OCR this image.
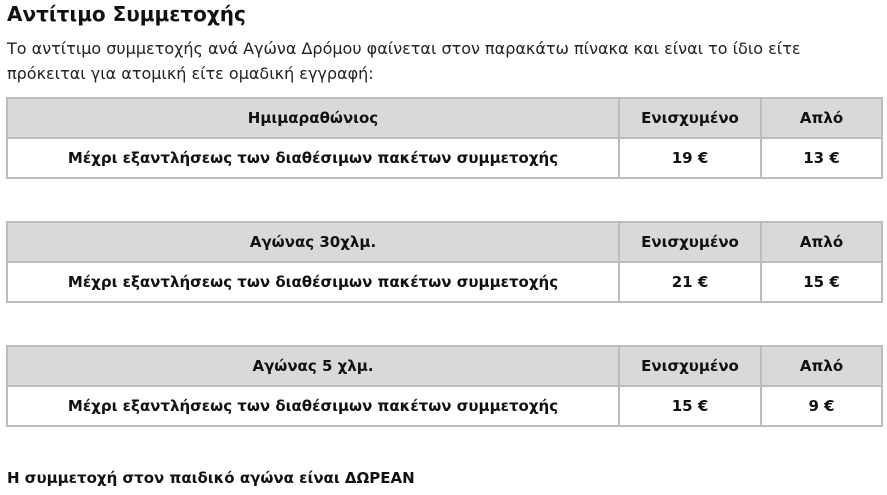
Αντίτιμο Συμμετοχής
Το αντίτιμο συμμετοχής ανά Αγώνα Δρόμου φαίνεται στον παρακάτω πίνακα και είναι το ίδιο είτε πρόκειται για ατομική είτε ομαδική εγγραφή:
Ημιμαραθώνιος	Ενισχυμένο	Απλό
Μέχρι εξαντλήσεως των διαθέσιμων πακέτων συμμετοχής	19 €	13 €
Αγώνας 30χλμ.	Ενισχυμένο	Απλό
Μέχρι εξαντλήσεως των διαθέσιμων πακέτων συμμετοχής	21 €	15 €
Αγώνας 5 χλμ.	Ενισχυμένο	Απλό
Μέχρι εξαντλήσεως των διαθέσιμων πακέτων συμμετοχής	15 €	9 €
Η συμμετοχή στον παιδικό αγώνα είναι ΔΩΡΕΑΝ
